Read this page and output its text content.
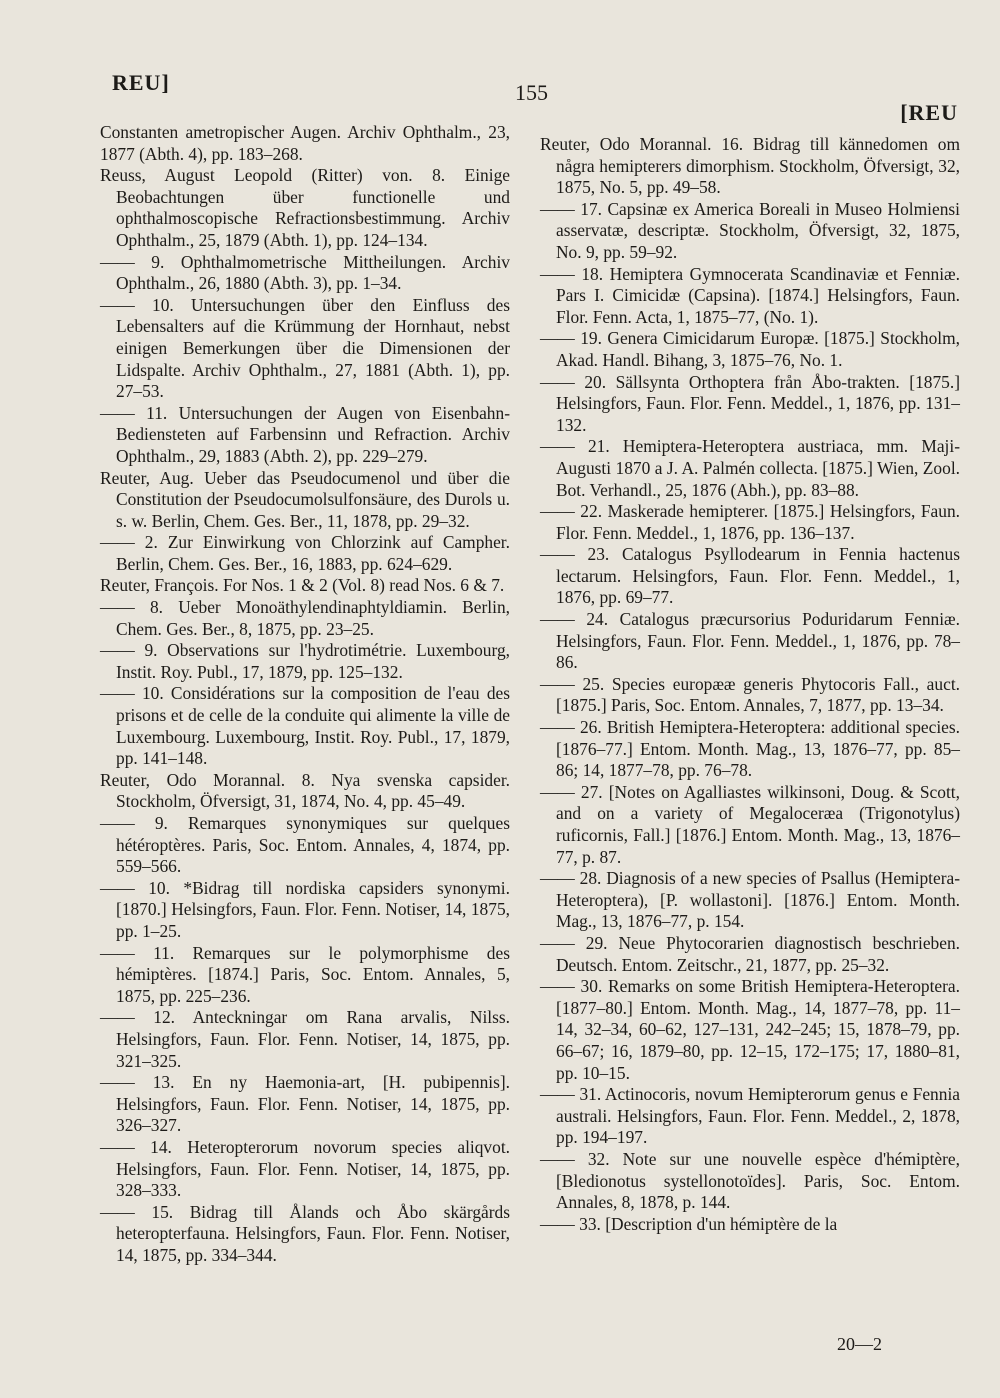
REU]	155
[REU

Constanten ametropischer Augen. Archiv Ophthalm., 23, 1877 (Abth. 4), pp. 183–268.

Reuss, August Leopold (Ritter) von. 8. Einige Beobachtungen über functionelle und ophthalmoscopische Refractionsbestimmung. Archiv Ophthalm., 25, 1879 (Abth. 1), pp. 124–134.

—— 9. Ophthalmometrische Mittheilungen. Archiv Ophthalm., 26, 1880 (Abth. 3), pp. 1–34.

—— 10. Untersuchungen über den Einfluss des Lebensalters auf die Krümmung der Hornhaut, nebst einigen Bemerkungen über die Dimensionen der Lidspalte. Archiv Ophthalm., 27, 1881 (Abth. 1), pp. 27–53.

—— 11. Untersuchungen der Augen von Eisenbahn-Bediensteten auf Farbensinn und Refraction. Archiv Ophthalm., 29, 1883 (Abth. 2), pp. 229–279.

Reuter, Aug. Ueber das Pseudocumenol und über die Constitution der Pseudocumolsulfonsäure, des Durols u. s. w. Berlin, Chem. Ges. Ber., 11, 1878, pp. 29–32.

—— 2. Zur Einwirkung von Chlorzink auf Campher. Berlin, Chem. Ges. Ber., 16, 1883, pp. 624–629.

Reuter, François. For Nos. 1 & 2 (Vol. 8) read Nos. 6 & 7.

—— 8. Ueber Monoäthylendinaphtyldiamin. Berlin, Chem. Ges. Ber., 8, 1875, pp. 23–25.

—— 9. Observations sur l'hydrotimétrie. Luxembourg, Instit. Roy. Publ., 17, 1879, pp. 125–132.

—— 10. Considérations sur la composition de l'eau des prisons et de celle de la conduite qui alimente la ville de Luxembourg. Luxembourg, Instit. Roy. Publ., 17, 1879, pp. 141–148.

Reuter, Odo Morannal. 8. Nya svenska capsider. Stockholm, Öfversigt, 31, 1874, No. 4, pp. 45–49.

—— 9. Remarques synonymiques sur quelques hétéroptères. Paris, Soc. Entom. Annales, 4, 1874, pp. 559–566.

—— 10. *Bidrag till nordiska capsiders synonymi. [1870.] Helsingfors, Faun. Flor. Fenn. Notiser, 14, 1875, pp. 1–25.

—— 11. Remarques sur le polymorphisme des hémiptères. [1874.] Paris, Soc. Entom. Annales, 5, 1875, pp. 225–236.

—— 12. Anteckningar om Rana arvalis, Nilss. Helsingfors, Faun. Flor. Fenn. Notiser, 14, 1875, pp. 321–325.

—— 13. En ny Haemonia-art, [H. pubipennis]. Helsingfors, Faun. Flor. Fenn. Notiser, 14, 1875, pp. 326–327.

—— 14. Heteropterorum novorum species aliqvot. Helsingfors, Faun. Flor. Fenn. Notiser, 14, 1875, pp. 328–333.

—— 15. Bidrag till Ålands och Åbo skärgårds heteropterfauna. Helsingfors, Faun. Flor. Fenn. Notiser, 14, 1875, pp. 334–344.

Reuter, Odo Morannal. 16. Bidrag till kännedomen om några hemipterers dimorphism. Stockholm, Öfversigt, 32, 1875, No. 5, pp. 49–58.

—— 17. Capsinæ ex America Boreali in Museo Holmiensi asservatæ, descriptæ. Stockholm, Öfversigt, 32, 1875, No. 9, pp. 59–92.

—— 18. Hemiptera Gymnocerata Scandinaviæ et Fenniæ. Pars I. Cimicidæ (Capsina). [1874.] Helsingfors, Faun. Flor. Fenn. Acta, 1, 1875–77, (No. 1).

—— 19. Genera Cimicidarum Europæ. [1875.] Stockholm, Akad. Handl. Bihang, 3, 1875–76, No. 1.

—— 20. Sällsynta Orthoptera från Åbo-trakten. [1875.] Helsingfors, Faun. Flor. Fenn. Meddel., 1, 1876, pp. 131–132.

—— 21. Hemiptera-Heteroptera austriaca, mm. Maji-Augusti 1870 a J. A. Palmén collecta. [1875.] Wien, Zool. Bot. Verhandl., 25, 1876 (Abh.), pp. 83–88.

—— 22. Maskerade hemipterer. [1875.] Helsingfors, Faun. Flor. Fenn. Meddel., 1, 1876, pp. 136–137.

—— 23. Catalogus Psyllodearum in Fennia hactenus lectarum. Helsingfors, Faun. Flor. Fenn. Meddel., 1, 1876, pp. 69–77.

—— 24. Catalogus præcursorius Poduridarum Fenniæ. Helsingfors, Faun. Flor. Fenn. Meddel., 1, 1876, pp. 78–86.

—— 25. Species europææ generis Phytocoris Fall., auct. [1875.] Paris, Soc. Entom. Annales, 7, 1877, pp. 13–34.

—— 26. British Hemiptera-Heteroptera: additional species. [1876–77.] Entom. Month. Mag., 13, 1876–77, pp. 85–86; 14, 1877–78, pp. 76–78.

—— 27. [Notes on Agalliastes wilkinsoni, Doug. & Scott, and on a variety of Megaloceræa (Trigonotylus) ruficornis, Fall.] [1876.] Entom. Month. Mag., 13, 1876–77, p. 87.

—— 28. Diagnosis of a new species of Psallus (Hemiptera-Heteroptera), [P. wollastoni]. [1876.] Entom. Month. Mag., 13, 1876–77, p. 154.

—— 29. Neue Phytocorarien diagnostisch beschrieben. Deutsch. Entom. Zeitschr., 21, 1877, pp. 25–32.

—— 30. Remarks on some British Hemiptera-Heteroptera. [1877–80.] Entom. Month. Mag., 14, 1877–78, pp. 11–14, 32–34, 60–62, 127–131, 242–245; 15, 1878–79, pp. 66–67; 16, 1879–80, pp. 12–15, 172–175; 17, 1880–81, pp. 10–15.

—— 31. Actinocoris, novum Hemipterorum genus e Fennia australi. Helsingfors, Faun. Flor. Fenn. Meddel., 2, 1878, pp. 194–197.

—— 32. Note sur une nouvelle espèce d'hémiptère, [Bledionotus systellonotoïdes]. Paris, Soc. Entom. Annales, 8, 1878, p. 144.

—— 33. [Description d'un hémiptère de la

20—2
